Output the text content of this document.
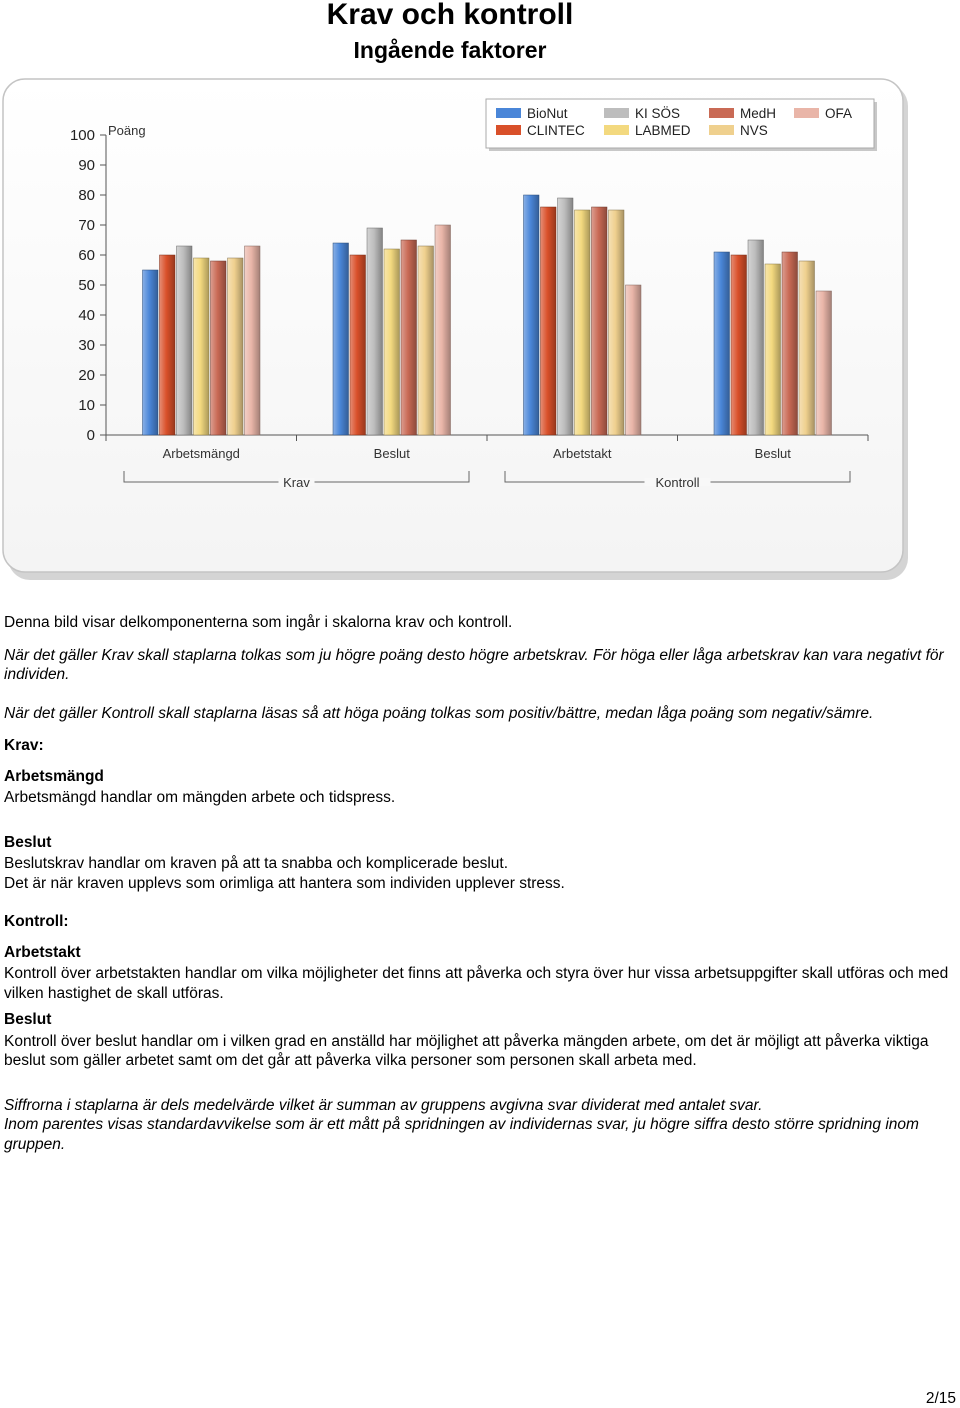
Krav och kontroll
Ingående faktorer
0
10
20
30
40
50
60
70
80
90
100 Poäng
Arbetsmängd	Beslut	Arbetstakt	Beslut
Krav	Kontroll
BioNut	KI SÖS	MedH	OFA
CLINTEC	LABMED	NVS

Denna bild visar delkomponenterna som ingår i skalorna krav och kontroll.

När det gäller Krav skall staplarna tolkas som ju högre poäng desto högre arbetskrav. För höga eller låga arbetskrav kan vara negativt för individen.

När det gäller Kontroll skall staplarna läsas så att höga poäng tolkas som positiv/bättre, medan låga poäng som negativ/sämre.

Krav:

Arbetsmängd

Arbetsmängd handlar om mängden arbete och tidspress.

Beslut

Beslutskrav handlar om kraven på att ta snabba och komplicerade beslut.

Det är när kraven upplevs som orimliga att hantera som individen upplever stress.

Kontroll:

Arbetstakt

Kontroll över arbetstakten handlar om vilka möjligheter det finns att påverka och styra över hur vissa arbetsuppgifter skall utföras och med vilken hastighet de skall utföras.

Beslut

Kontroll över beslut handlar om i vilken grad en anställd har möjlighet att påverka mängden arbete, om det är möjligt att påverka viktiga beslut som gäller arbetet samt om det går att påverka vilka personer som personen skall arbeta med.

Siffrorna i staplarna är dels medelvärde vilket är summan av gruppens avgivna svar dividerat med antalet svar.

Inom parentes visas standardavvikelse som är ett mått på spridningen av individernas svar, ju högre siffra desto större spridning inom gruppen.

2/15
